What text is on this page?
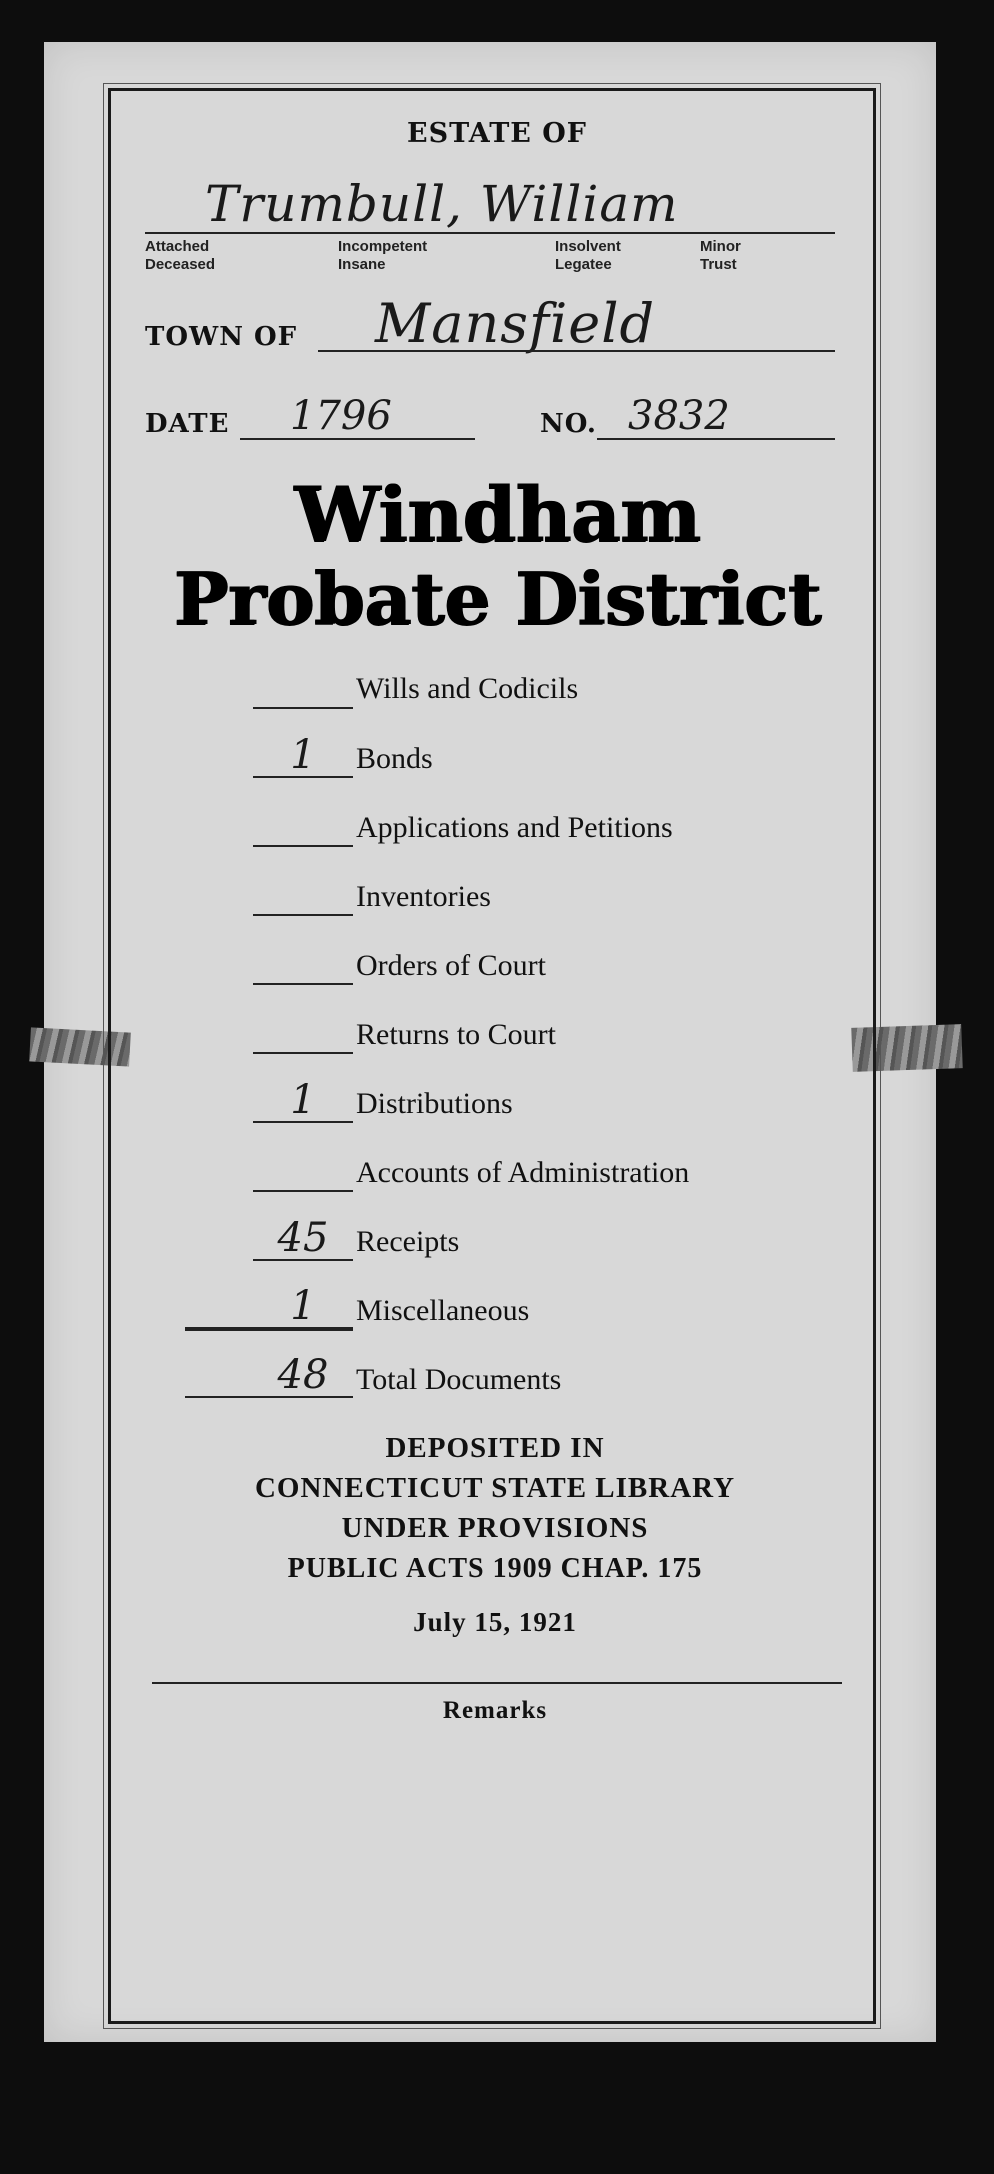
ESTATE OF
Trumbull, William
Attached
Deceased
Incompetent
Insane
Insolvent
Legatee
Minor
Trust
TOWN OF Mansfield
DATE 1796	NO. 3832
Windham
Probate District
Wills and Codicils
1	Bonds
Applications and Petitions
Inventories
Orders of Court
Returns to Court
1	Distributions
Accounts of Administration
45 Receipts
1	Miscellaneous
48 Total Documents
DEPOSITED IN
CONNECTICUT STATE LIBRARY
UNDER PROVISIONS
PUBLIC ACTS 1909 CHAP. 175
July 15, 1921
Remarks
